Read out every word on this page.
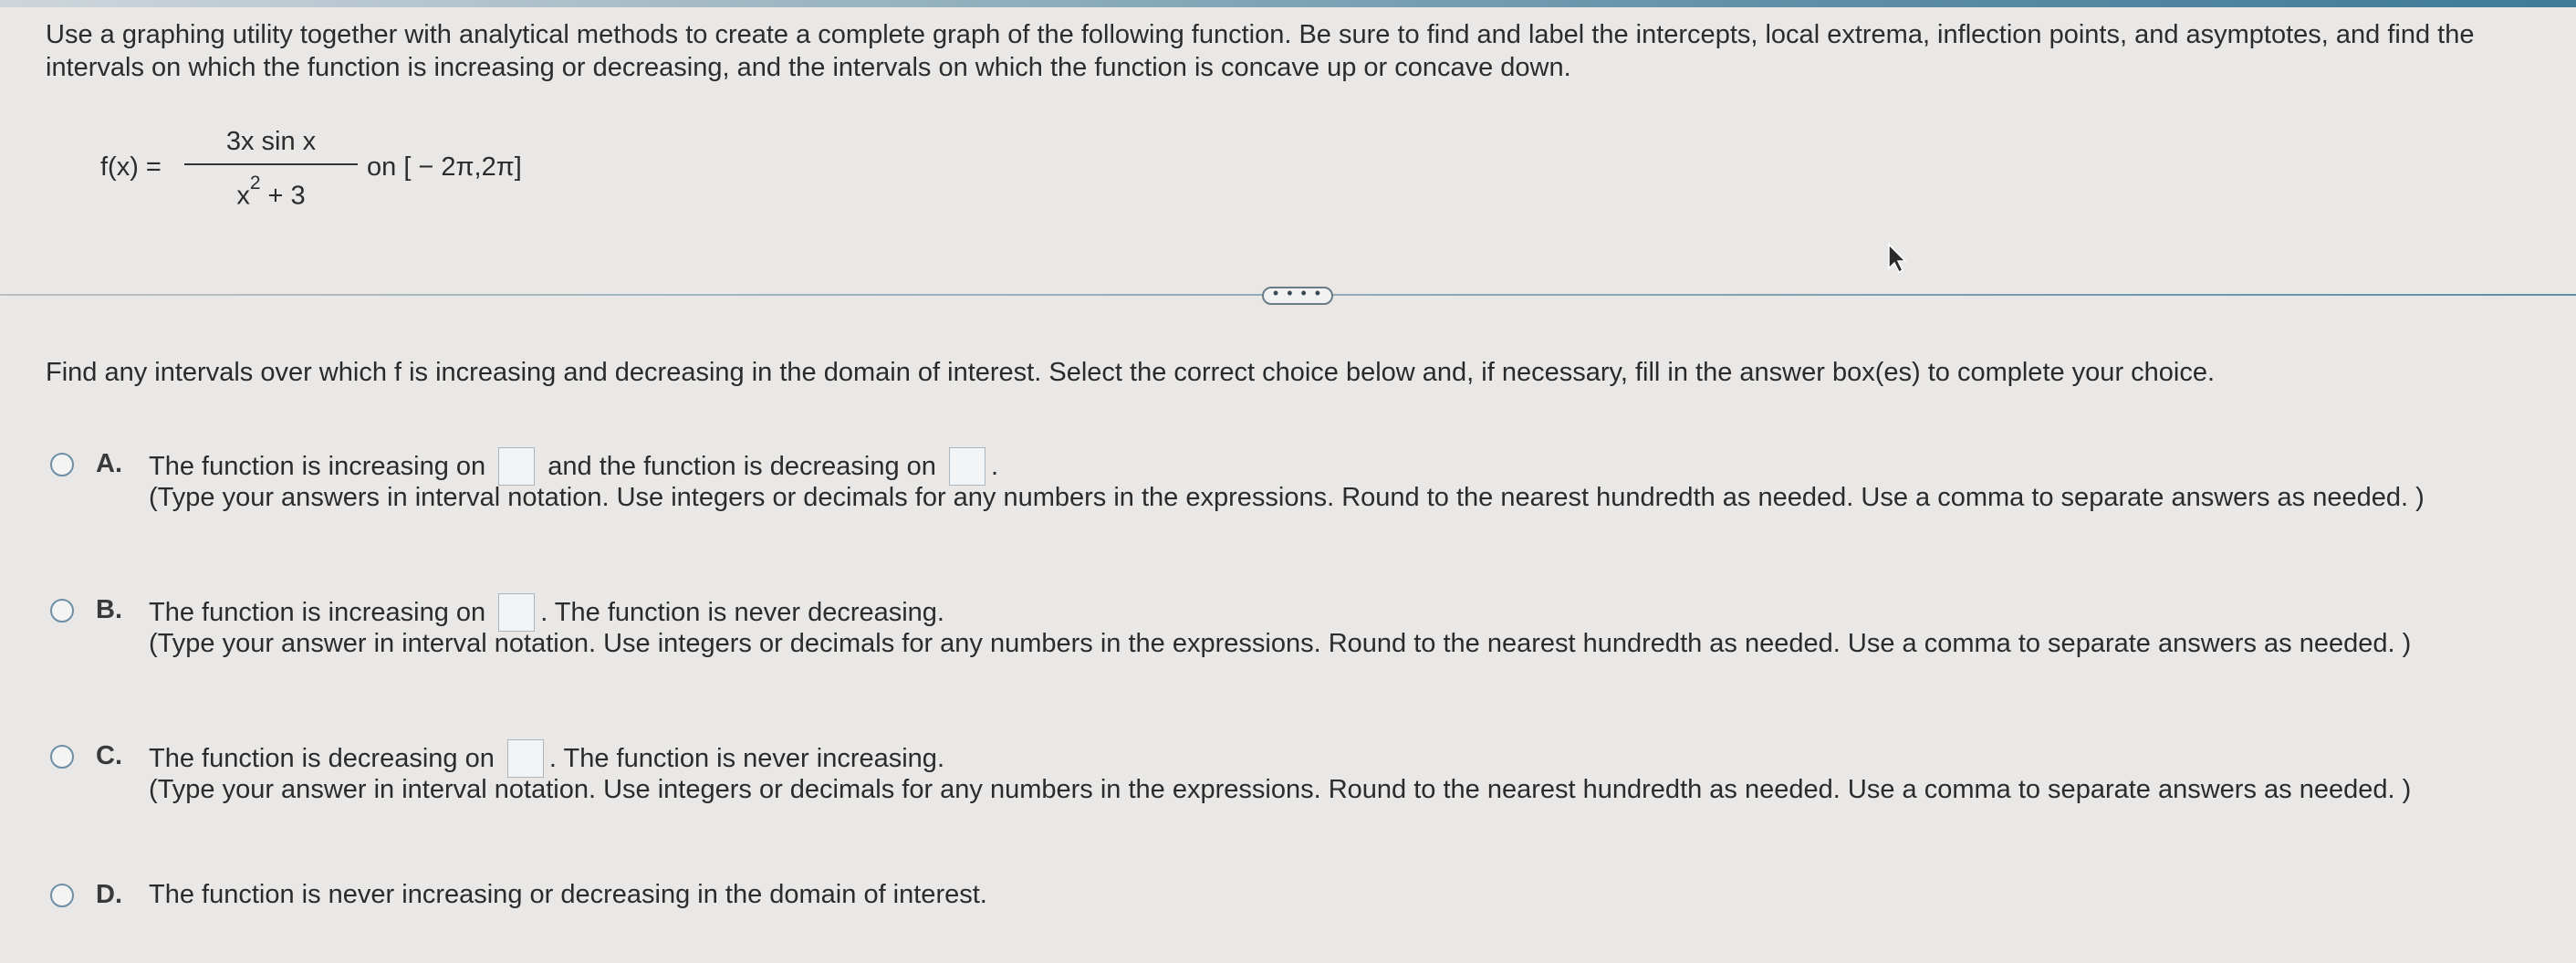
Use a graphing utility together with analytical methods to create a complete graph of the following function. Be sure to find and label the intercepts, local extrema, inflection points, and asymptotes, and find the intervals on which the function is increasing or decreasing, and the intervals on which the function is concave up or concave down.
f(x) =
3x sin x
$x^2 + 3$
on [ − 2π,2π]
• • • •
Find any intervals over which f is increasing and decreasing in the domain of interest. Select the correct choice below and, if necessary, fill in the answer box(es) to complete your choice.
A. The function is increasing on and the function is decreasing on .
(Type your answers in interval notation. Use integers or decimals for any numbers in the expressions. Round to the nearest hundredth as needed. Use a comma to separate answers as needed. )
B. The function is increasing on . The function is never decreasing.
(Type your answer in interval notation. Use integers or decimals for any numbers in the expressions. Round to the nearest hundredth as needed. Use a comma to separate answers as needed. )
C. The function is decreasing on . The function is never increasing.
(Type your answer in interval notation. Use integers or decimals for any numbers in the expressions. Round to the nearest hundredth as needed. Use a comma to separate answers as needed. )
D. The function is never increasing or decreasing in the domain of interest.
